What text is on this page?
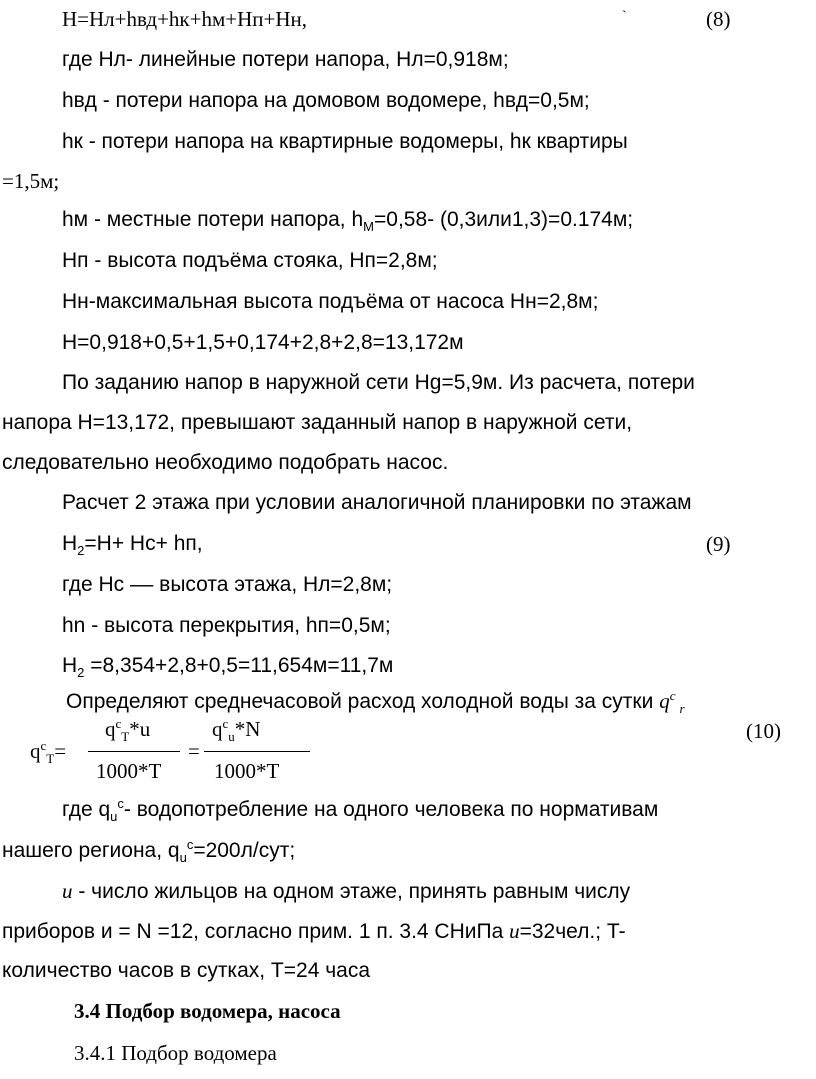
H=Нл+hвд+hк+hм+Нп+Нн,	`	(8)
где Нл- линейные потери напора, Нл=0,918м;
hвд - потери напора на домовом водомере, hвд=0,5м;
hк - потери напора на квартирные водомеры, hк квартиры
=1,5м;
hм - местные потери напора, $h_М=0,58-$ (0,3или1,3)=0.174м;
Нп - высота подъёма стояка, Нп=2,8м;
Нн-максимальная высота подъёма от насоса Нн=2,8м;
H=0,918+0,5+1,5+0,174+2,8+2,8=13,172м
По заданию напор в наружной сети Hg=5,9м. Из расчета, потери
напора H=13,172, превышают заданный напор в наружной сети,
следовательно необходимо подобрать насос.
Расчет 2 этажа при условии аналогичной планировки по этажам
$H_2=H+ Нс+$ hп,	(9)
где Нс –– высота этажа, Нл=2,8м;
hn - высота перекрытия, hп=0,5м;
$H_2 =8,354+2,8+0,5=11,654м=11,7м$
Определяют среднечасовой расход холодной воды за сутки $q^c_r$
$q^c_T*u$	$q^c_u*N$
$q^c_T=$	=
1000*T	1000*T
(10)
где $q_u^c-$ водопотребление на одного человека по нормативам
нашего региона, $q_u^c=200л$/сут;
u - число жильцов на одном этаже, принять равным числу
приборов и = N =12, согласно прим. 1 п. 3.4 СНиПа u=32чел.; T-
количество часов в сутках, T=24 часа
3.4 Подбор водомера, насоса
3.4.1 Подбор водомера
